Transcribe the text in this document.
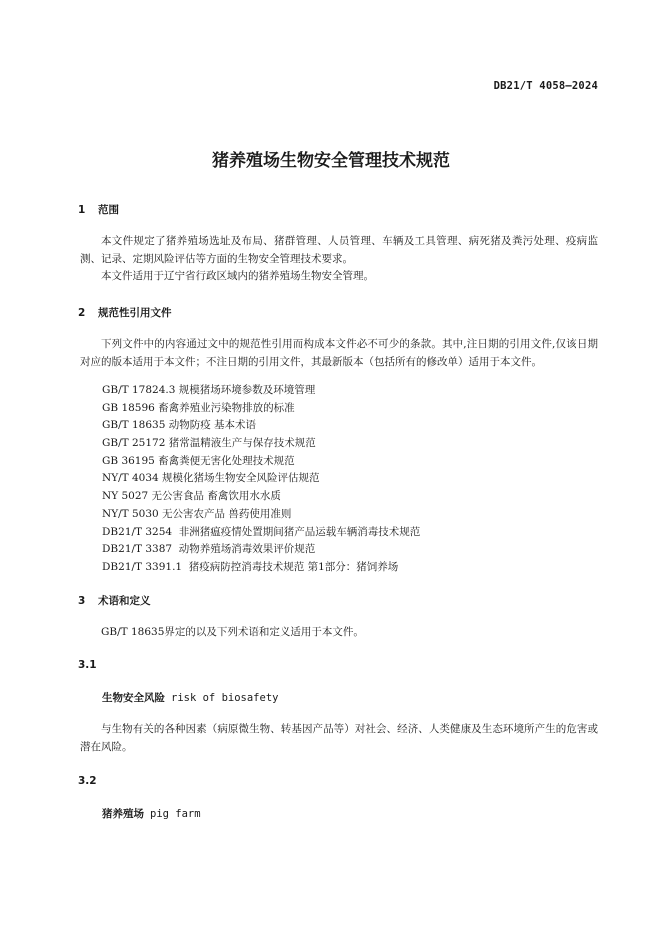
DB21/T 4058—2024
猪养殖场生物安全管理技术规范
1 范围

本文件规定了猪养殖场选址及布局、猪群管理、人员管理、车辆及工具管理、病死猪及粪污处理、疫病监测、记录、定期风险评估等方面的生物安全管理技术要求。

本文件适用于辽宁省行政区域内的猪养殖场生物安全管理。

2 规范性引用文件

下列文件中的内容通过文中的规范性引用而构成本文件必不可少的条款。其中,注日期的引用文件,仅该日期对应的版本适用于本文件；不注日期的引用文件，其最新版本（包括所有的修改单）适用于本文件。

GB/T 17824.3 规模猪场环境参数及环境管理
GB 18596 畜禽养殖业污染物排放的标准
GB/T 18635 动物防疫 基本术语
GB/T 25172 猪常温精液生产与保存技术规范
GB 36195 畜禽粪便无害化处理技术规范
NY/T 4034 规模化猪场生物安全风险评估规范
NY 5027 无公害食品 畜禽饮用水水质
NY/T 5030 无公害农产品 兽药使用准则
DB21/T 3254  非洲猪瘟疫情处置期间猪产品运载车辆消毒技术规范
DB21/T 3387  动物养殖场消毒效果评价规范
DB21/T 3391.1  猪疫病防控消毒技术规范 第1部分：猪饲养场
3 术语和定义

GB/T 18635界定的以及下列术语和定义适用于本文件。

3.1
生物安全风险 risk of biosafety

与生物有关的各种因素（病原微生物、转基因产品等）对社会、经济、人类健康及生态环境所产生的危害或潜在风险。

3.2
猪养殖场 pig farm
